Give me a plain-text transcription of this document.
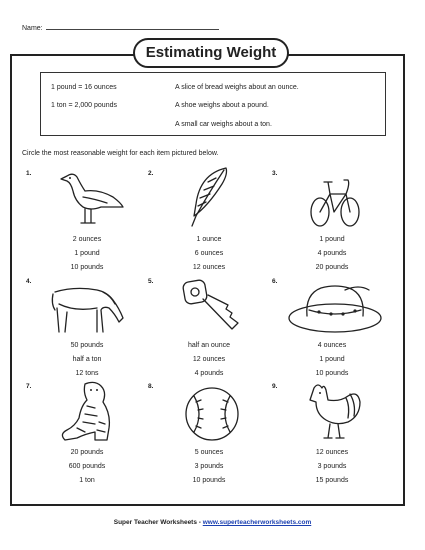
Name:
Estimating Weight
1 pound = 16 ounces
1 ton = 2,000 pounds
A slice of bread weighs about an ounce.
A shoe weighs about a pound.
A small car weighs about a ton.
Circle the most reasonable weight for each item pictured below.
1.
2 ounces
1 pound
10 pounds
2.
1 ounce
6 ounces
12 ounces
3.
1 pound
4 pounds
20 pounds
4.
50 pounds
half a ton
12 tons
5.
half an ounce
12 ounces
4 pounds
6.
4 ounces
1 pound
10 pounds
7.
20 pounds
600 pounds
1 ton
8.
5 ounces
3 pounds
10 pounds
9.
12 ounces
3 pounds
15 pounds
Super Teacher Worksheets - www.superteacherworksheets.com
